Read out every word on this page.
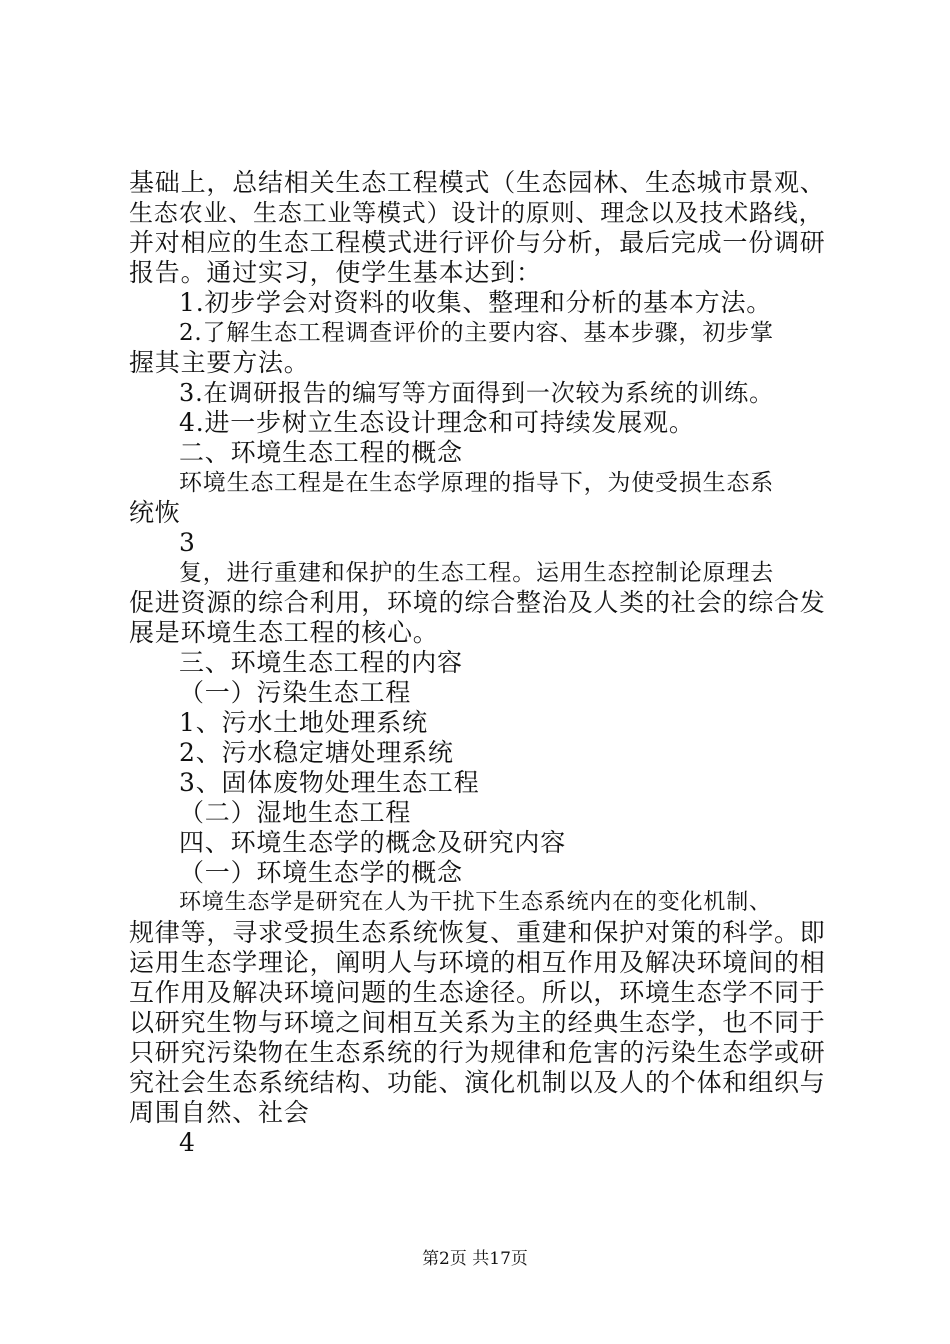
基础上，总结相关生态工程模式（生态园林、生态城市景观、
生态农业、生态工业等模式）设计的原则、理念以及技术路线，
并对相应的生态工程模式进行评价与分析，最后完成一份调研
报告。通过实习，使学生基本达到：
1.初步学会对资料的收集、整理和分析的基本方法。
2.了解生态工程调查评价的主要内容、基本步骤，初步掌
握其主要方法。
3.在调研报告的编写等方面得到一次较为系统的训练。
4.进一步树立生态设计理念和可持续发展观。
二、环境生态工程的概念
环境生态工程是在生态学原理的指导下，为使受损生态系
统恢
3
复，进行重建和保护的生态工程。运用生态控制论原理去
促进资源的综合利用，环境的综合整治及人类的社会的综合发
展是环境生态工程的核心。
三、环境生态工程的内容
（一）污染生态工程
1、污水土地处理系统
2、污水稳定塘处理系统
3、固体废物处理生态工程
（二）湿地生态工程
四、环境生态学的概念及研究内容
（一）环境生态学的概念
环境生态学是研究在人为干扰下生态系统内在的变化机制、
规律等，寻求受损生态系统恢复、重建和保护对策的科学。即
运用生态学理论，阐明人与环境的相互作用及解决环境间的相
互作用及解决环境问题的生态途径。所以，环境生态学不同于
以研究生物与环境之间相互关系为主的经典生态学，也不同于
只研究污染物在生态系统的行为规律和危害的污染生态学或研
究社会生态系统结构、功能、演化机制以及人的个体和组织与
周围自然、社会
4
第2页 共17页
